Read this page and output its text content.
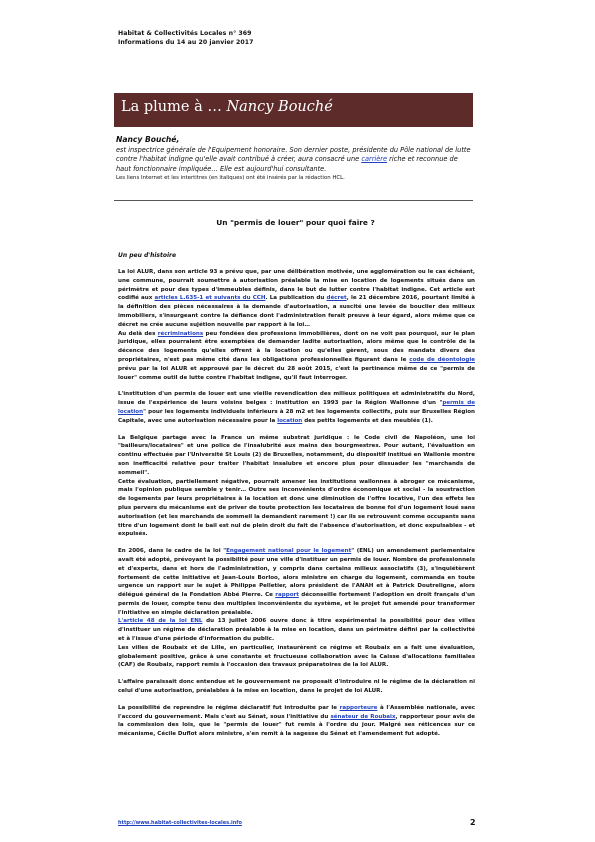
Habitat & Collectivités Locales n° 369
Informations du 14 au 20 janvier 2017
La plume à … Nancy Bouché
Nancy Bouché,
est inspectrice générale de l'Equipement honoraire. Son dernier poste, présidente du Pôle national de lutte contre l'habitat indigne qu'elle avait contribué à créer, aura consacré une carrière riche et reconnue de haut fonctionnaire impliquée… Elle est aujourd'hui consultante.
Les liens Internet et les intertitres (en italiques) ont été insérés par la rédaction HCL.
Un "permis de louer" pour quoi faire ?
Un peu d'histoire

La loi ALUR, dans son article 93 a prévu que, par une délibération motivée, une agglomération ou le cas échéant, une commune, pourrait soumettre à autorisation préalable la mise en location de logements situés dans un périmètre et pour des types d'immeubles définis, dans le but de lutter contre l'habitat indigne. Cet article est codifié aux articles L.635-1 et suivants du CCH. La publication du décret, le 21 décembre 2016, pourtant limité à la définition des pièces nécessaires à la demande d'autorisation, a suscité une levée de bouclier des milieux immobiliers, s'insurgeant contre la défiance dont l'administration ferait preuve à leur égard, alors même que ce décret ne crée aucune sujétion nouvelle par rapport à la loi…

Au delà des récriminations peu fondées des professions immobilières, dont on ne voit pas pourquoi, sur le plan juridique, elles pourraient être exemptées de demander ladite autorisation, alors même que le contrôle de la décence des logements qu'elles offrent à la location ou qu'elles gèrent, sous des mandats divers des propriétaires, n'est pas même cité dans les obligations professionnelles figurant dans le code de déontologie prévu par la loi ALUR et approuvé par le décret du 28 août 2015, c'est la pertinence même de ce "permis de louer" comme outil de lutte contre l'habitat indigne, qu'il faut interroger.

L'institution d'un permis de louer est une vieille revendication des milieux politiques et administratifs du Nord, issue de l'expérience de leurs voisins belges : institution en 1993 par la Région Wallonne d'un "permis de location" pour les logements individuels inférieurs à 28 m2 et les logements collectifs, puis sur Bruxelles Région Capitale, avec une autorisation nécessaire pour la location des petits logements et des meublés (1).

La Belgique partage avec la France un même substrat juridique : le Code civil de Napoléon, une loi "bailleurs/locataires" et une police de l'insalubrité aux mains des bourgmestres. Pour autant, l'évaluation en continu effectuée par l'Université St Louis (2) de Bruxelles, notamment, du dispositif institué en Wallonie montre son inefficacité relative pour traiter l'habitat insalubre et encore plus pour dissuader les "marchands de sommeil".

Cette évaluation, partiellement négative, pourrait amener les institutions wallonnes à abroger ce mécanisme, mais l'opinion publique semble y tenir… Outre ses inconvénients d'ordre économique et social - la soustraction de logements par leurs propriétaires à la location et donc une diminution de l'offre locative, l'un des effets les plus pervers du mécanisme est de priver de toute protection les locataires de bonne foi d'un logement loué sans autorisation (et les marchands de sommeil la demandent rarement !) car ils se retrouvent comme occupants sans titre d'un logement dont le bail est nul de plein droit du fait de l'absence d'autorisation, et donc expulsables - et expulsés.

En 2006, dans le cadre de la loi "Engagement national pour le logement" (ENL) un amendement parlementaire avait été adopté, prévoyant la possibilité pour une ville d'instituer un permis de louer. Nombre de professionnels et d'experts, dans et hors de l'administration, y compris dans certains milieux associatifs (3), s'inquiétèrent fortement de cette initiative et Jean-Louis Borloo, alors ministre en charge du logement, commanda en toute urgence un rapport sur le sujet à Philippe Pelletier, alors président de l'ANAH et à Patrick Doutreligne, alors délégué général de la Fondation Abbé Pierre. Ce rapport déconseille fortement l'adoption en droit français d'un permis de louer, compte tenu des multiples inconvénients du système, et le projet fut amendé pour transformer l'initiative en simple déclaration préalable.

L'article 48 de la loi ENL du 13 juillet 2006 ouvre donc à titre expérimental la possibilité pour des villes d'instituer un régime de déclaration préalable à la mise en location, dans un périmètre défini par la collectivité et à l'issue d'une période d'information du public.

Les villes de Roubaix et de Lille, en particulier, instaurèrent ce régime et Roubaix en a fait une évaluation, globalement positive, grâce à une constante et fructueuse collaboration avec la Caisse d'allocations familiales (CAF) de Roubaix, rapport remis à l'occasion des travaux préparatoires de la loi ALUR.

L'affaire paraissait donc entendue et le gouvernement ne proposait d'introduire ni le régime de la déclaration ni celui d'une autorisation, préalables à la mise en location, dans le projet de loi ALUR.

La possibilité de reprendre le régime déclaratif fut introduite par le rapporteure à l'Assemblée nationale, avec l'accord du gouvernement. Mais c'est au Sénat, sous l'initiative du sénateur de Roubaix, rapporteur pour avis de la commission des lois, que le "permis de louer" fut remis à l'ordre du jour. Malgré ses réticences sur ce mécanisme, Cécile Duflot alors ministre, s'en remit à la sagesse du Sénat et l'amendement fut adopté.

http://www.habitat-collectivites-locales.info	2
